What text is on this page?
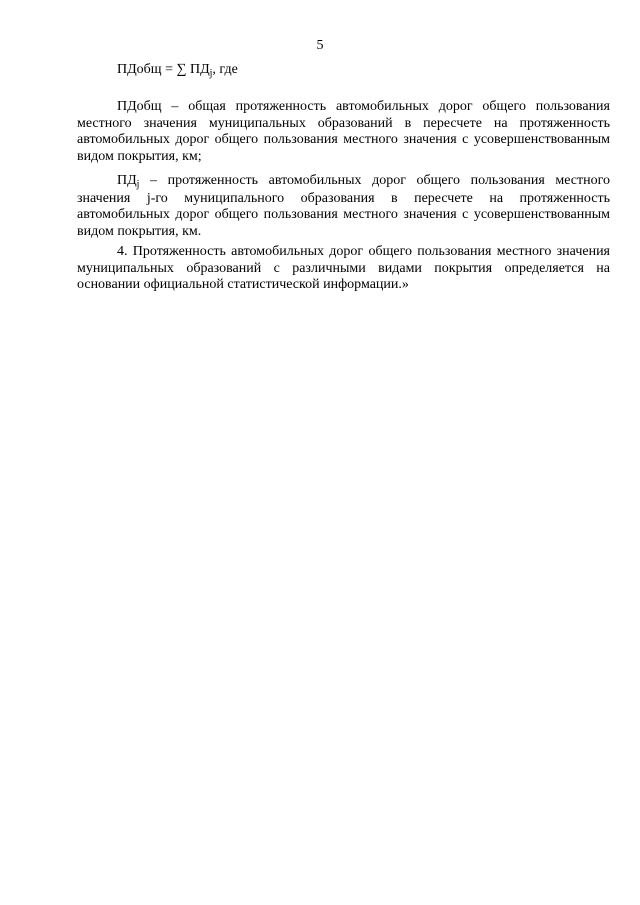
5
ПДобщ = ∑ $ПД_j$, где

ПДобщ – общая протяженность автомобильных дорог общего пользования местного значения муниципальных образований в пересчете на протяженность автомобильных дорог общего пользования местного значения с усовершенствованным видом покрытия, км;

$ПД_j$ – протяженность автомобильных дорог общего пользования местного значения j-го муниципального образования в пересчете на протяженность автомобильных дорог общего пользования местного значения с усовершенствованным видом покрытия, км.

4. Протяженность автомобильных дорог общего пользования местного значения муниципальных образований с различными видами покрытия определяется на основании официальной статистической информации.»
